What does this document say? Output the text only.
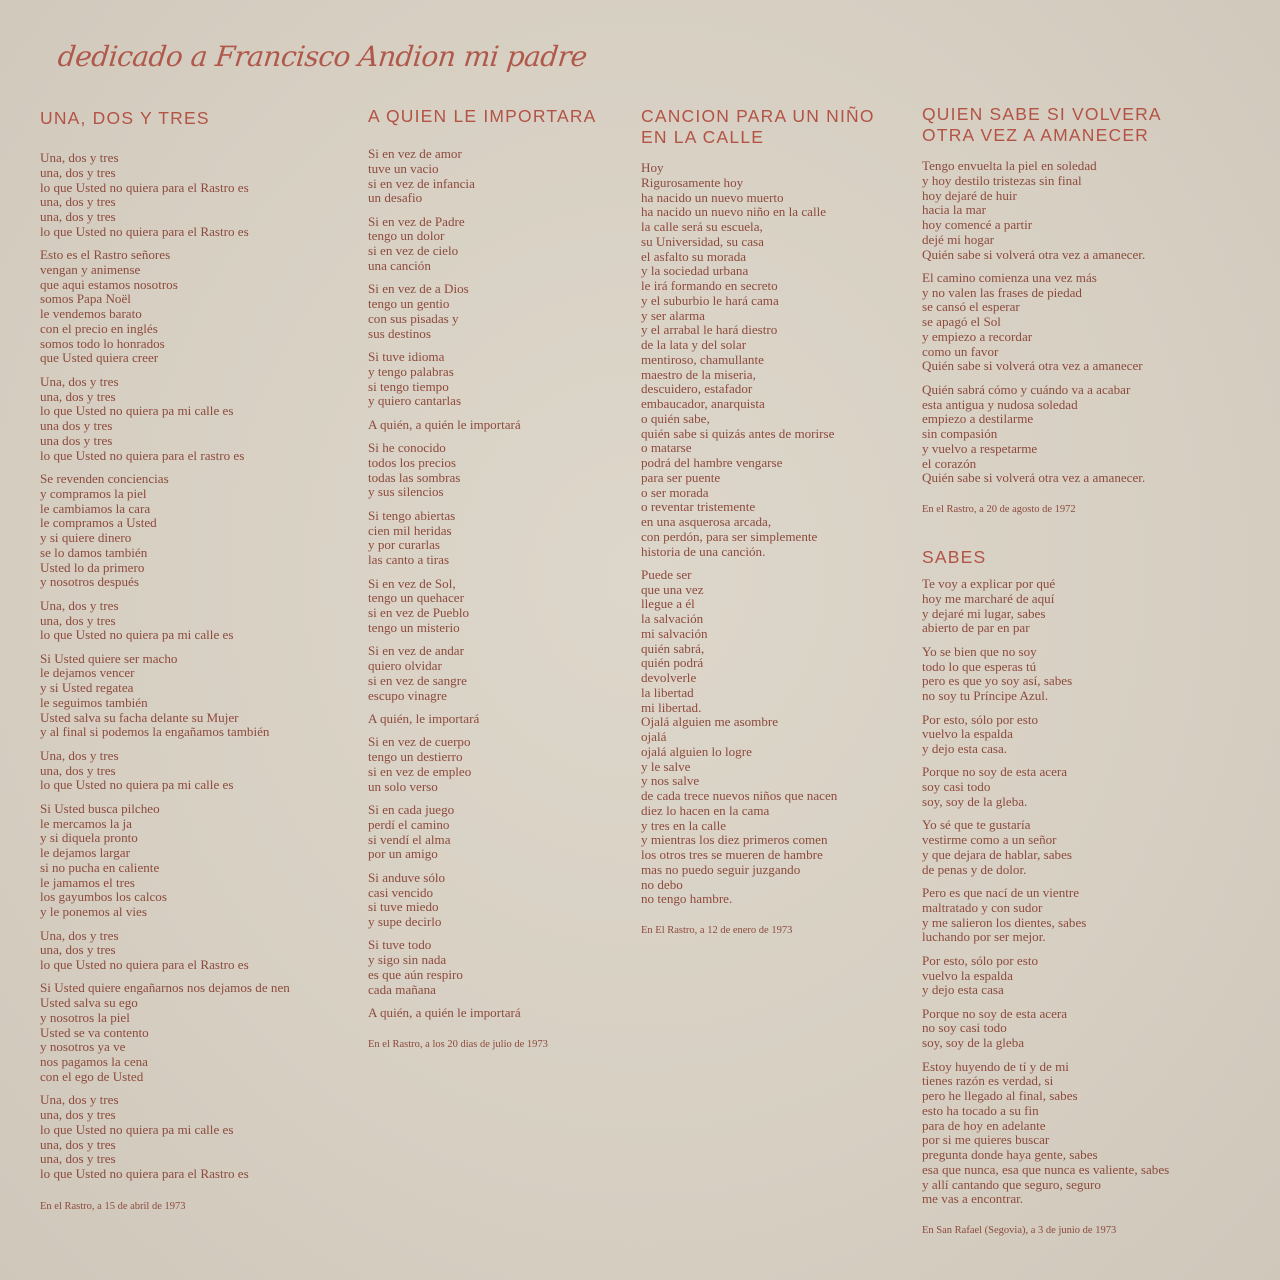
dedicado a Francisco Andion mi padre
UNA, DOS Y TRES
Una, dos y tres
una, dos y tres
lo que Usted no quiera para el Rastro es
una, dos y tres
una, dos y tres
lo que Usted no quiera para el Rastro es
Esto es el Rastro señores
vengan y animense
que aqui estamos nosotros
somos Papa Noël
le vendemos barato
con el precio en inglés
somos todo lo honrados
que Usted quiera creer
Una, dos y tres
una, dos y tres
lo que Usted no quiera pa mi calle es
una dos y tres
una dos y tres
lo que Usted no quiera para el rastro es
Se revenden conciencias
y compramos la piel
le cambiamos la cara
le compramos a Usted
y si quiere dinero
se lo damos también
Usted lo da primero
y nosotros después
Una, dos y tres
una, dos y tres
lo que Usted no quiera pa mi calle es
Si Usted quiere ser macho
le dejamos vencer
y si Usted regatea
le seguimos también
Usted salva su facha delante su Mujer
y al final si podemos la engañamos también
Una, dos y tres
una, dos y tres
lo que Usted no quiera pa mi calle es
Si Usted busca pilcheo
le mercamos la ja
y si diquela pronto
le dejamos largar
si no pucha en caliente
le jamamos el tres
los gayumbos los calcos
y le ponemos al vies
Una, dos y tres
una, dos y tres
lo que Usted no quiera para el Rastro es
Si Usted quiere engañarnos nos dejamos de nen
Usted salva su ego
y nosotros la piel
Usted se va contento
y nosotros ya ve
nos pagamos la cena
con el ego de Usted
Una, dos y tres
una, dos y tres
lo que Usted no quiera pa mi calle es
una, dos y tres
una, dos y tres
lo que Usted no quiera para el Rastro es
En el Rastro, a 15 de abril de 1973
A QUIEN LE IMPORTARA
Si en vez de amor
tuve un vacio
si en vez de infancia
un desafio
Si en vez de Padre
tengo un dolor
si en vez de cielo
una canción
Si en vez de a Dios
tengo un gentio
con sus pisadas y
sus destinos
Si tuve idioma
y tengo palabras
si tengo tiempo
y quiero cantarlas
A quién, a quién le importará
Si he conocido
todos los precios
todas las sombras
y sus silencios
Si tengo abiertas
cien mil heridas
y por curarlas
las canto a tiras
Si en vez de Sol,
tengo un quehacer
si en vez de Pueblo
tengo un misterio
Si en vez de andar
quiero olvidar
si en vez de sangre
escupo vinagre
A quién, le importará
Si en vez de cuerpo
tengo un destierro
si en vez de empleo
un solo verso
Si en cada juego
perdí el camino
si vendí el alma
por un amigo
Si anduve sólo
casi vencido
si tuve miedo
y supe decirlo
Si tuve todo
y sigo sin nada
es que aún respiro
cada mañana
A quién, a quién le importará
En el Rastro, a los 20 dias de julio de 1973
CANCION PARA UN NIÑO
EN LA CALLE
Hoy
Rigurosamente hoy
ha nacido un nuevo muerto
ha nacido un nuevo niño en la calle
la calle será su escuela,
su Universidad, su casa
el asfalto su morada
y la sociedad urbana
le irá formando en secreto
y el suburbio le hará cama
y ser alarma
y el arrabal le hará diestro
de la lata y del solar
mentiroso, chamullante
maestro de la miseria,
descuidero, estafador
embaucador, anarquista
o quién sabe,
quién sabe si quizás antes de morirse
o matarse
podrá del hambre vengarse
para ser puente
o ser morada
o reventar tristemente
en una asquerosa arcada,
con perdón, para ser simplemente
historia de una canción.
Puede ser
que una vez
llegue a él
la salvación
mi salvación
quién sabrá,
quién podrá
devolverle
la libertad
mi libertad.
Ojalá alguien me asombre
ojalá
ojalá alguien lo logre
y le salve
y nos salve
de cada trece nuevos niños que nacen
diez lo hacen en la cama
y tres en la calle
y mientras los diez primeros comen
los otros tres se mueren de hambre
mas no puedo seguir juzgando
no debo
no tengo hambre.
En El Rastro, a 12 de enero de 1973
QUIEN SABE SI VOLVERA
OTRA VEZ A AMANECER
Tengo envuelta la piel en soledad
y hoy destilo tristezas sin final
hoy dejaré de huir
hacia la mar
hoy comencé a partir
dejé mi hogar
Quién sabe si volverá otra vez a amanecer.
El camino comienza una vez más
y no valen las frases de piedad
se cansó el esperar
se apagó el Sol
y empiezo a recordar
como un favor
Quién sabe si volverá otra vez a amanecer
Quién sabrá cómo y cuándo va a acabar
esta antigua y nudosa soledad
empiezo a destilarme
sin compasión
y vuelvo a respetarme
el corazón
Quién sabe si volverá otra vez a amanecer.
En el Rastro, a 20 de agosto de 1972
SABES
Te voy a explicar por qué
hoy me marcharé de aquí
y dejaré mi lugar, sabes
abierto de par en par
Yo se bien que no soy
todo lo que esperas tú
pero es que yo soy así, sabes
no soy tu Príncipe Azul.
Por esto, sólo por esto
vuelvo la espalda
y dejo esta casa.
Porque no soy de esta acera
soy casi todo
soy, soy de la gleba.
Yo sé que te gustaría
vestirme como a un señor
y que dejara de hablar, sabes
de penas y de dolor.
Pero es que nací de un vientre
maltratado y con sudor
y me salieron los dientes, sabes
luchando por ser mejor.
Por esto, sólo por esto
vuelvo la espalda
y dejo esta casa
Porque no soy de esta acera
no soy casi todo
soy, soy de la gleba
Estoy huyendo de tí y de mi
tienes razón es verdad, si
pero he llegado al final, sabes
esto ha tocado a su fin
para de hoy en adelante
por si me quieres buscar
pregunta donde haya gente, sabes
esa que nunca, esa que nunca es valiente, sabes
y allí cantando que seguro, seguro
me vas a encontrar.
En San Rafael (Segovia), a 3 de junio de 1973
